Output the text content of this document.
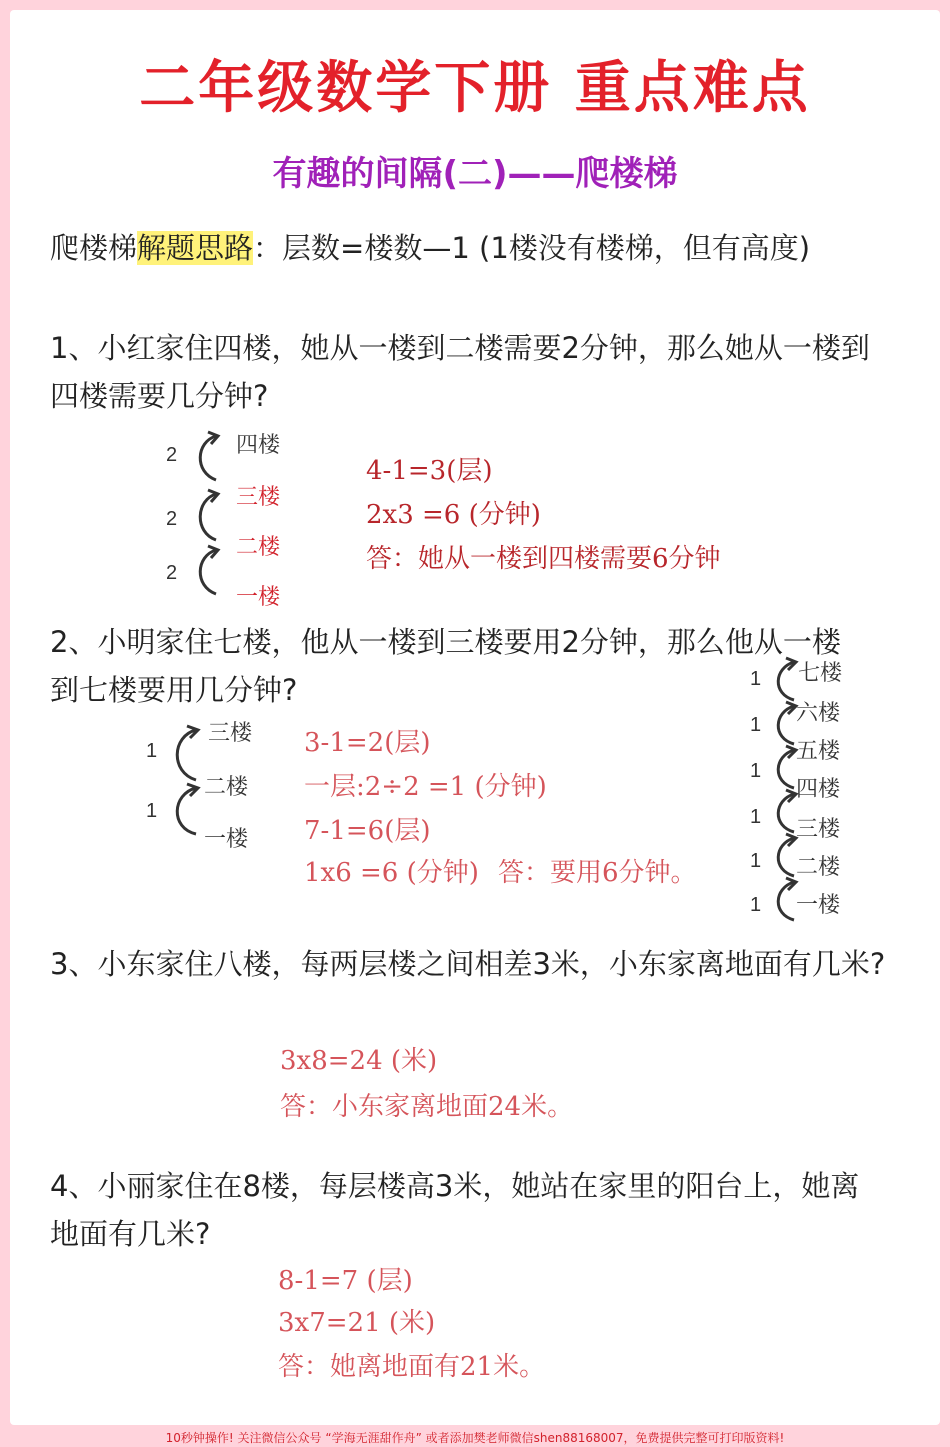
二年级数学下册 重点难点
有趣的间隔(二)——爬楼梯
爬楼梯解题思路：层数=楼数—1 (1楼没有楼梯，但有高度)
1、小红家住四楼，她从一楼到二楼需要2分钟，那么她从一楼到
四楼需要几分钟?
2
2
2
四楼
三楼
二楼
一楼
4-1=3(层)
2x3 =6 (分钟)
答：她从一楼到四楼需要6分钟
2、小明家住七楼，他从一楼到三楼要用2分钟，那么他从一楼
到七楼要用几分钟?
1
1
三楼
二楼
一楼
3-1=2(层)
一层:2÷2 =1 (分钟)
7-1=6(层)
1x6 =6 (分钟) 答：要用6分钟。
1
1
1
1
1
1
七楼
六楼
五楼
四楼
三楼
二楼
一楼
3、小东家住八楼，每两层楼之间相差3米，小东家离地面有几米?
3x8=24 (米)
答：小东家离地面24米。
4、小丽家住在8楼，每层楼高3米，她站在家里的阳台上，她离
地面有几米?
8-1=7 (层)
3x7=21 (米)
答：她离地面有21米。
10秒钟操作! 关注微信公众号 “学海无涯甜作舟” 或者添加樊老师微信shen88168007，免费提供完整可打印版资料!
